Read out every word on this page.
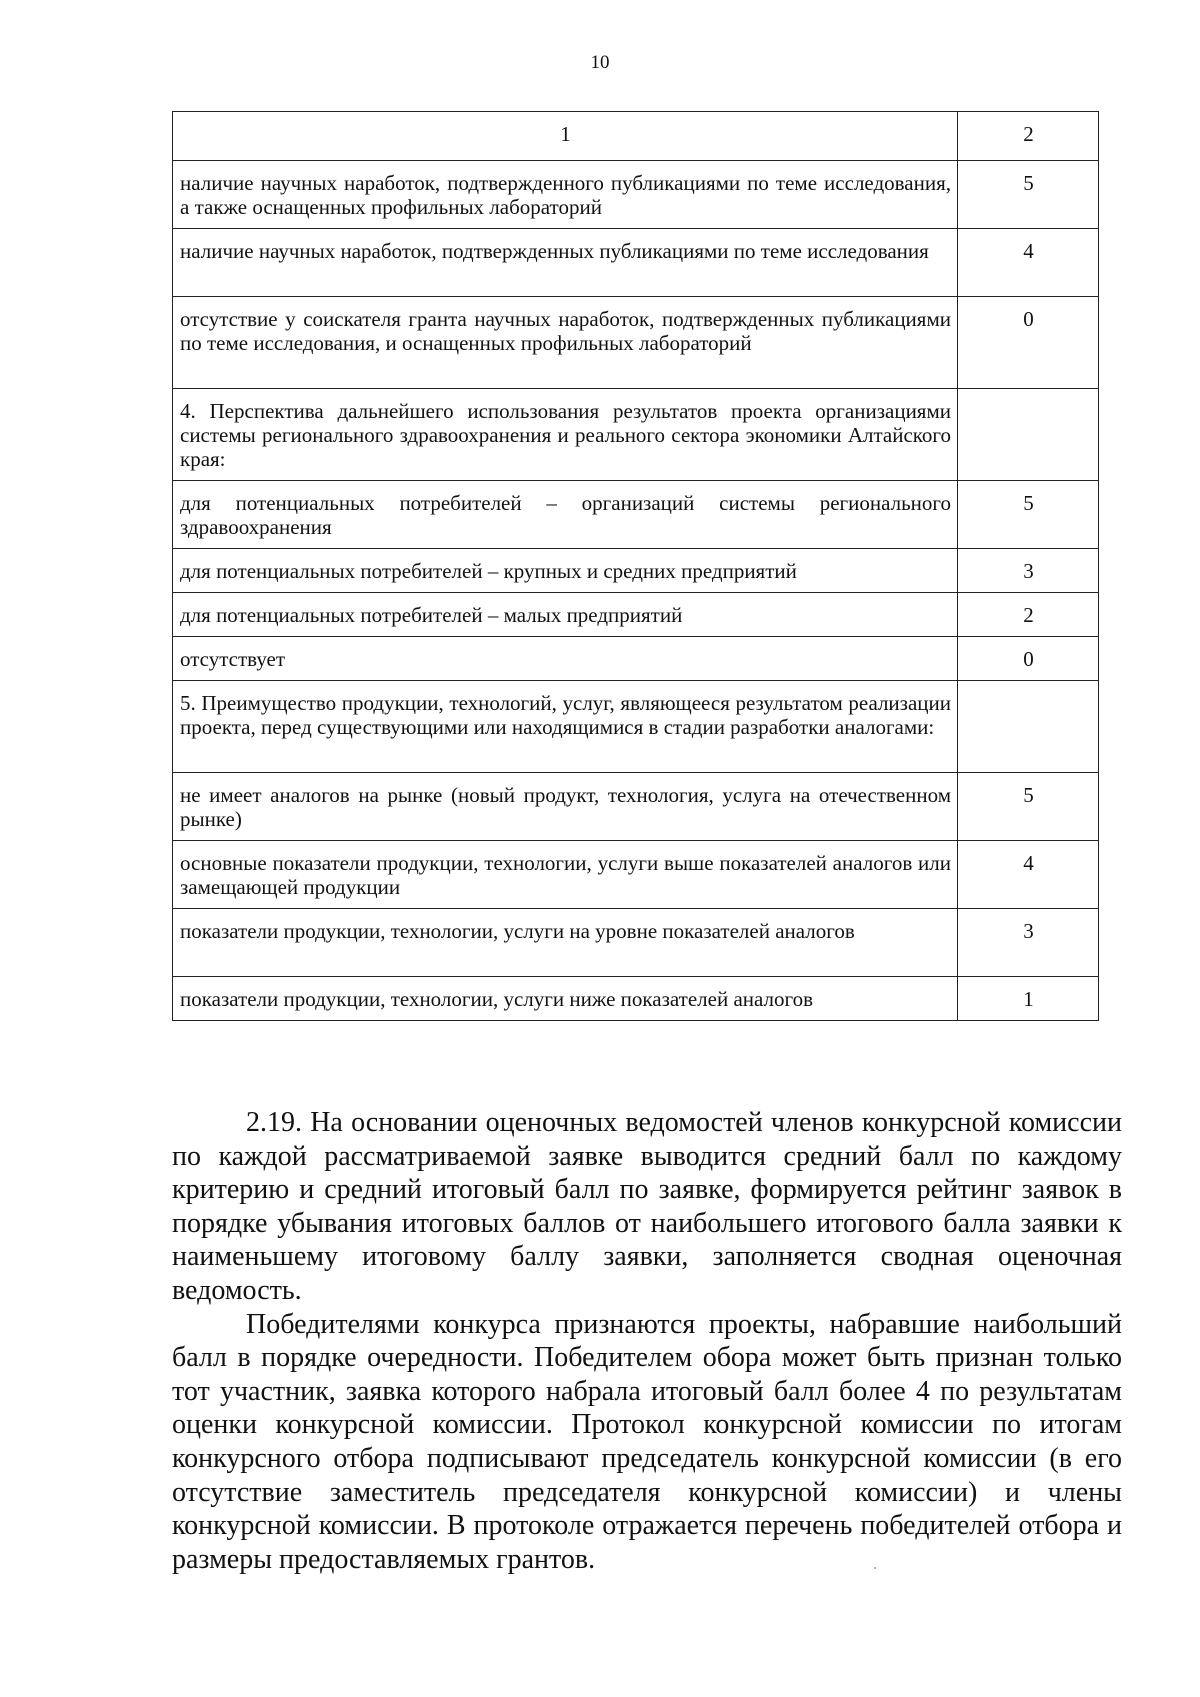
10
1	2
наличие научных наработок, подтвержденного публикациями по теме исследования, а также оснащенных профильных лабораторий	5
наличие научных наработок, подтвержденных публикациями по теме исследования	4
отсутствие у соискателя гранта научных наработок, подтвержденных публикациями по теме исследования, и оснащенных профильных лабораторий	0
4. Перспектива дальнейшего использования результатов проекта организациями системы регионального здравоохранения и реального сектора экономики Алтайского края:	
для потенциальных потребителей – организаций системы регионального здравоохранения	5
для потенциальных потребителей – крупных и средних предприятий	3
для потенциальных потребителей – малых предприятий	2
отсутствует	0
5. Преимущество продукции, технологий, услуг, являющееся результатом реализации проекта, перед существующими или находящимися в стадии разработки аналогами:	
не имеет аналогов на рынке (новый продукт, технология, услуга на отечественном рынке)	5
основные показатели продукции, технологии, услуги выше показателей аналогов или замещающей продукции	4
показатели продукции, технологии, услуги на уровне показателей аналогов	3
показатели продукции, технологии, услуги ниже показателей аналогов	1

2.19. На основании оценочных ведомостей членов конкурсной комиссии по каждой рассматриваемой заявке выводится средний балл по каждому критерию и средний итоговый балл по заявке, формируется рейтинг заявок в порядке убывания итоговых баллов от наибольшего итогового балла заявки к наименьшему итоговому баллу заявки, заполняется сводная оценочная ведомость.

Победителями конкурса признаются проекты, набравшие наибольший балл в порядке очередности. Победителем обора может быть признан только тот участник, заявка которого набрала итоговый балл более 4 по результатам оценки конкурсной комиссии. Протокол конкурсной комиссии по итогам конкурсного отбора подписывают председатель конкурсной комиссии (в его отсутствие заместитель председателя конкурсной комиссии) и члены конкурсной комиссии. В протоколе отражается перечень победителей отбора и размеры предоставляемых грантов.
